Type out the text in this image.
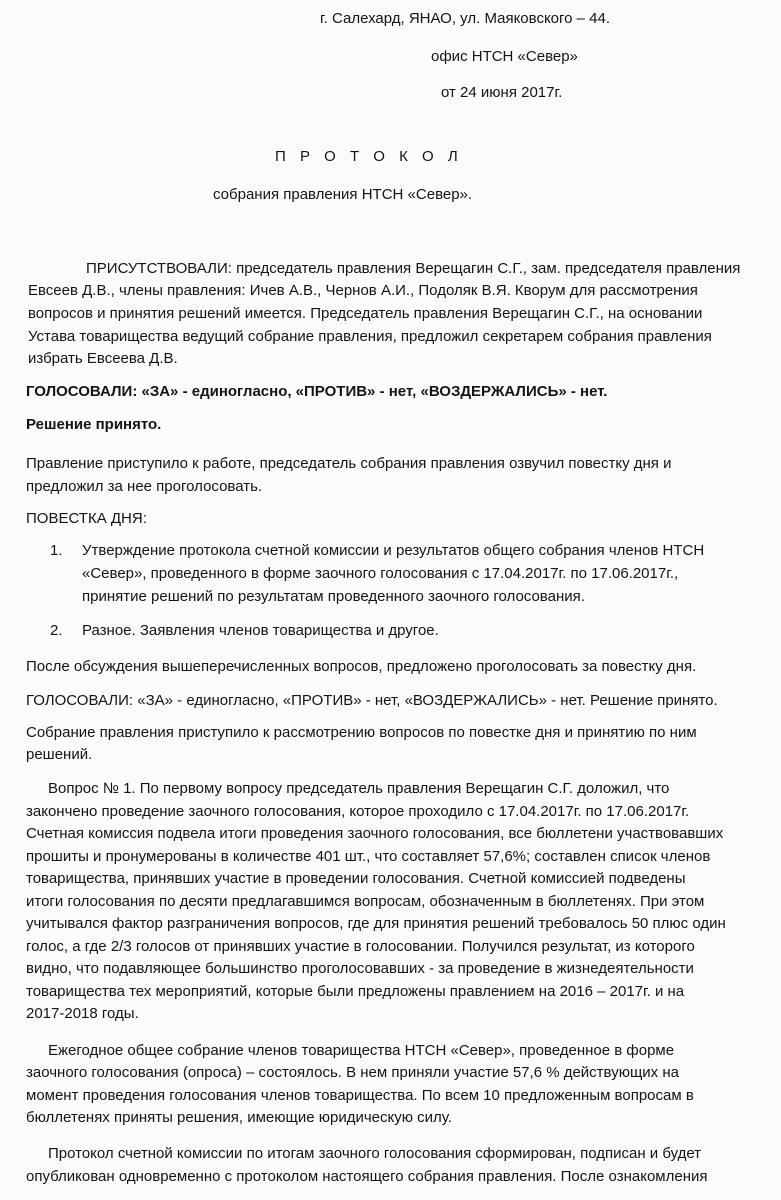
г. Салехард, ЯНАО, ул. Маяковского – 44.
офис НТСН «Север»
от 24 июня 2017г.
П Р О Т О К О Л
собрания правления НТСН «Север».
ПРИСУТСТВОВАЛИ: председатель правления Верещагин С.Г., зам. председателя правления
Евсеев Д.В., члены правления: Ичев А.В., Чернов А.И., Подоляк В.Я. Кворум для рассмотрения
вопросов и принятия решений имеется. Председатель правления Верещагин С.Г., на основании
Устава товарищества ведущий собрание правления, предложил секретарем собрания правления
избрать Евсеева Д.В.
ГОЛОСОВАЛИ: «ЗА» - единогласно, «ПРОТИВ» - нет, «ВОЗДЕРЖАЛИСЬ» - нет.
Решение принято.
Правление приступило к работе, председатель собрания правления озвучил повестку дня и
предложил за нее проголосовать.
ПОВЕСТКА ДНЯ:
1. Утверждение протокола счетной комиссии и результатов общего собрания членов НТСН
«Север», проведенного в форме заочного голосования с 17.04.2017г. по 17.06.2017г.,
принятие решений по результатам проведенного заочного голосования.
2. Разное. Заявления членов товарищества и другое.
После обсуждения вышеперечисленных вопросов, предложено проголосовать за повестку дня.
ГОЛОСОВАЛИ: «ЗА» - единогласно, «ПРОТИВ» - нет, «ВОЗДЕРЖАЛИСЬ» - нет. Решение принято.
Собрание правления приступило к рассмотрению вопросов по повестке дня и принятию по ним
решений.
Вопрос № 1. По первому вопросу председатель правления Верещагин С.Г. доложил, что
закончено проведение заочного голосования, которое проходило с 17.04.2017г. по 17.06.2017г.
Счетная комиссия подвела итоги проведения заочного голосования, все бюллетени участвовавших
прошиты и пронумерованы в количестве 401 шт., что составляет 57,6%; составлен список членов
товарищества, принявших участие в проведении голосования. Счетной комиссией подведены
итоги голосования по десяти предлагавшимся вопросам, обозначенным в бюллетенях. При этом
учитывался фактор разграничения вопросов, где для принятия решений требовалось 50 плюс один
голос, а где 2/3 голосов от принявших участие в голосовании. Получился результат, из которого
видно, что подавляющее большинство проголосовавших - за проведение в жизнедеятельности
товарищества тех мероприятий, которые были предложены правлением на 2016 – 2017г. и на
2017-2018 годы.
Ежегодное общее собрание членов товарищества НТСН «Север», проведенное в форме
заочного голосования (опроса) – состоялось. В нем приняли участие 57,6 % действующих на
момент проведения голосования членов товарищества. По всем 10 предложенным вопросам в
бюллетенях приняты решения, имеющие юридическую силу.
Протокол счетной комиссии по итогам заочного голосования сформирован, подписан и будет
опубликован одновременно с протоколом настоящего собрания правления. После ознакомления
